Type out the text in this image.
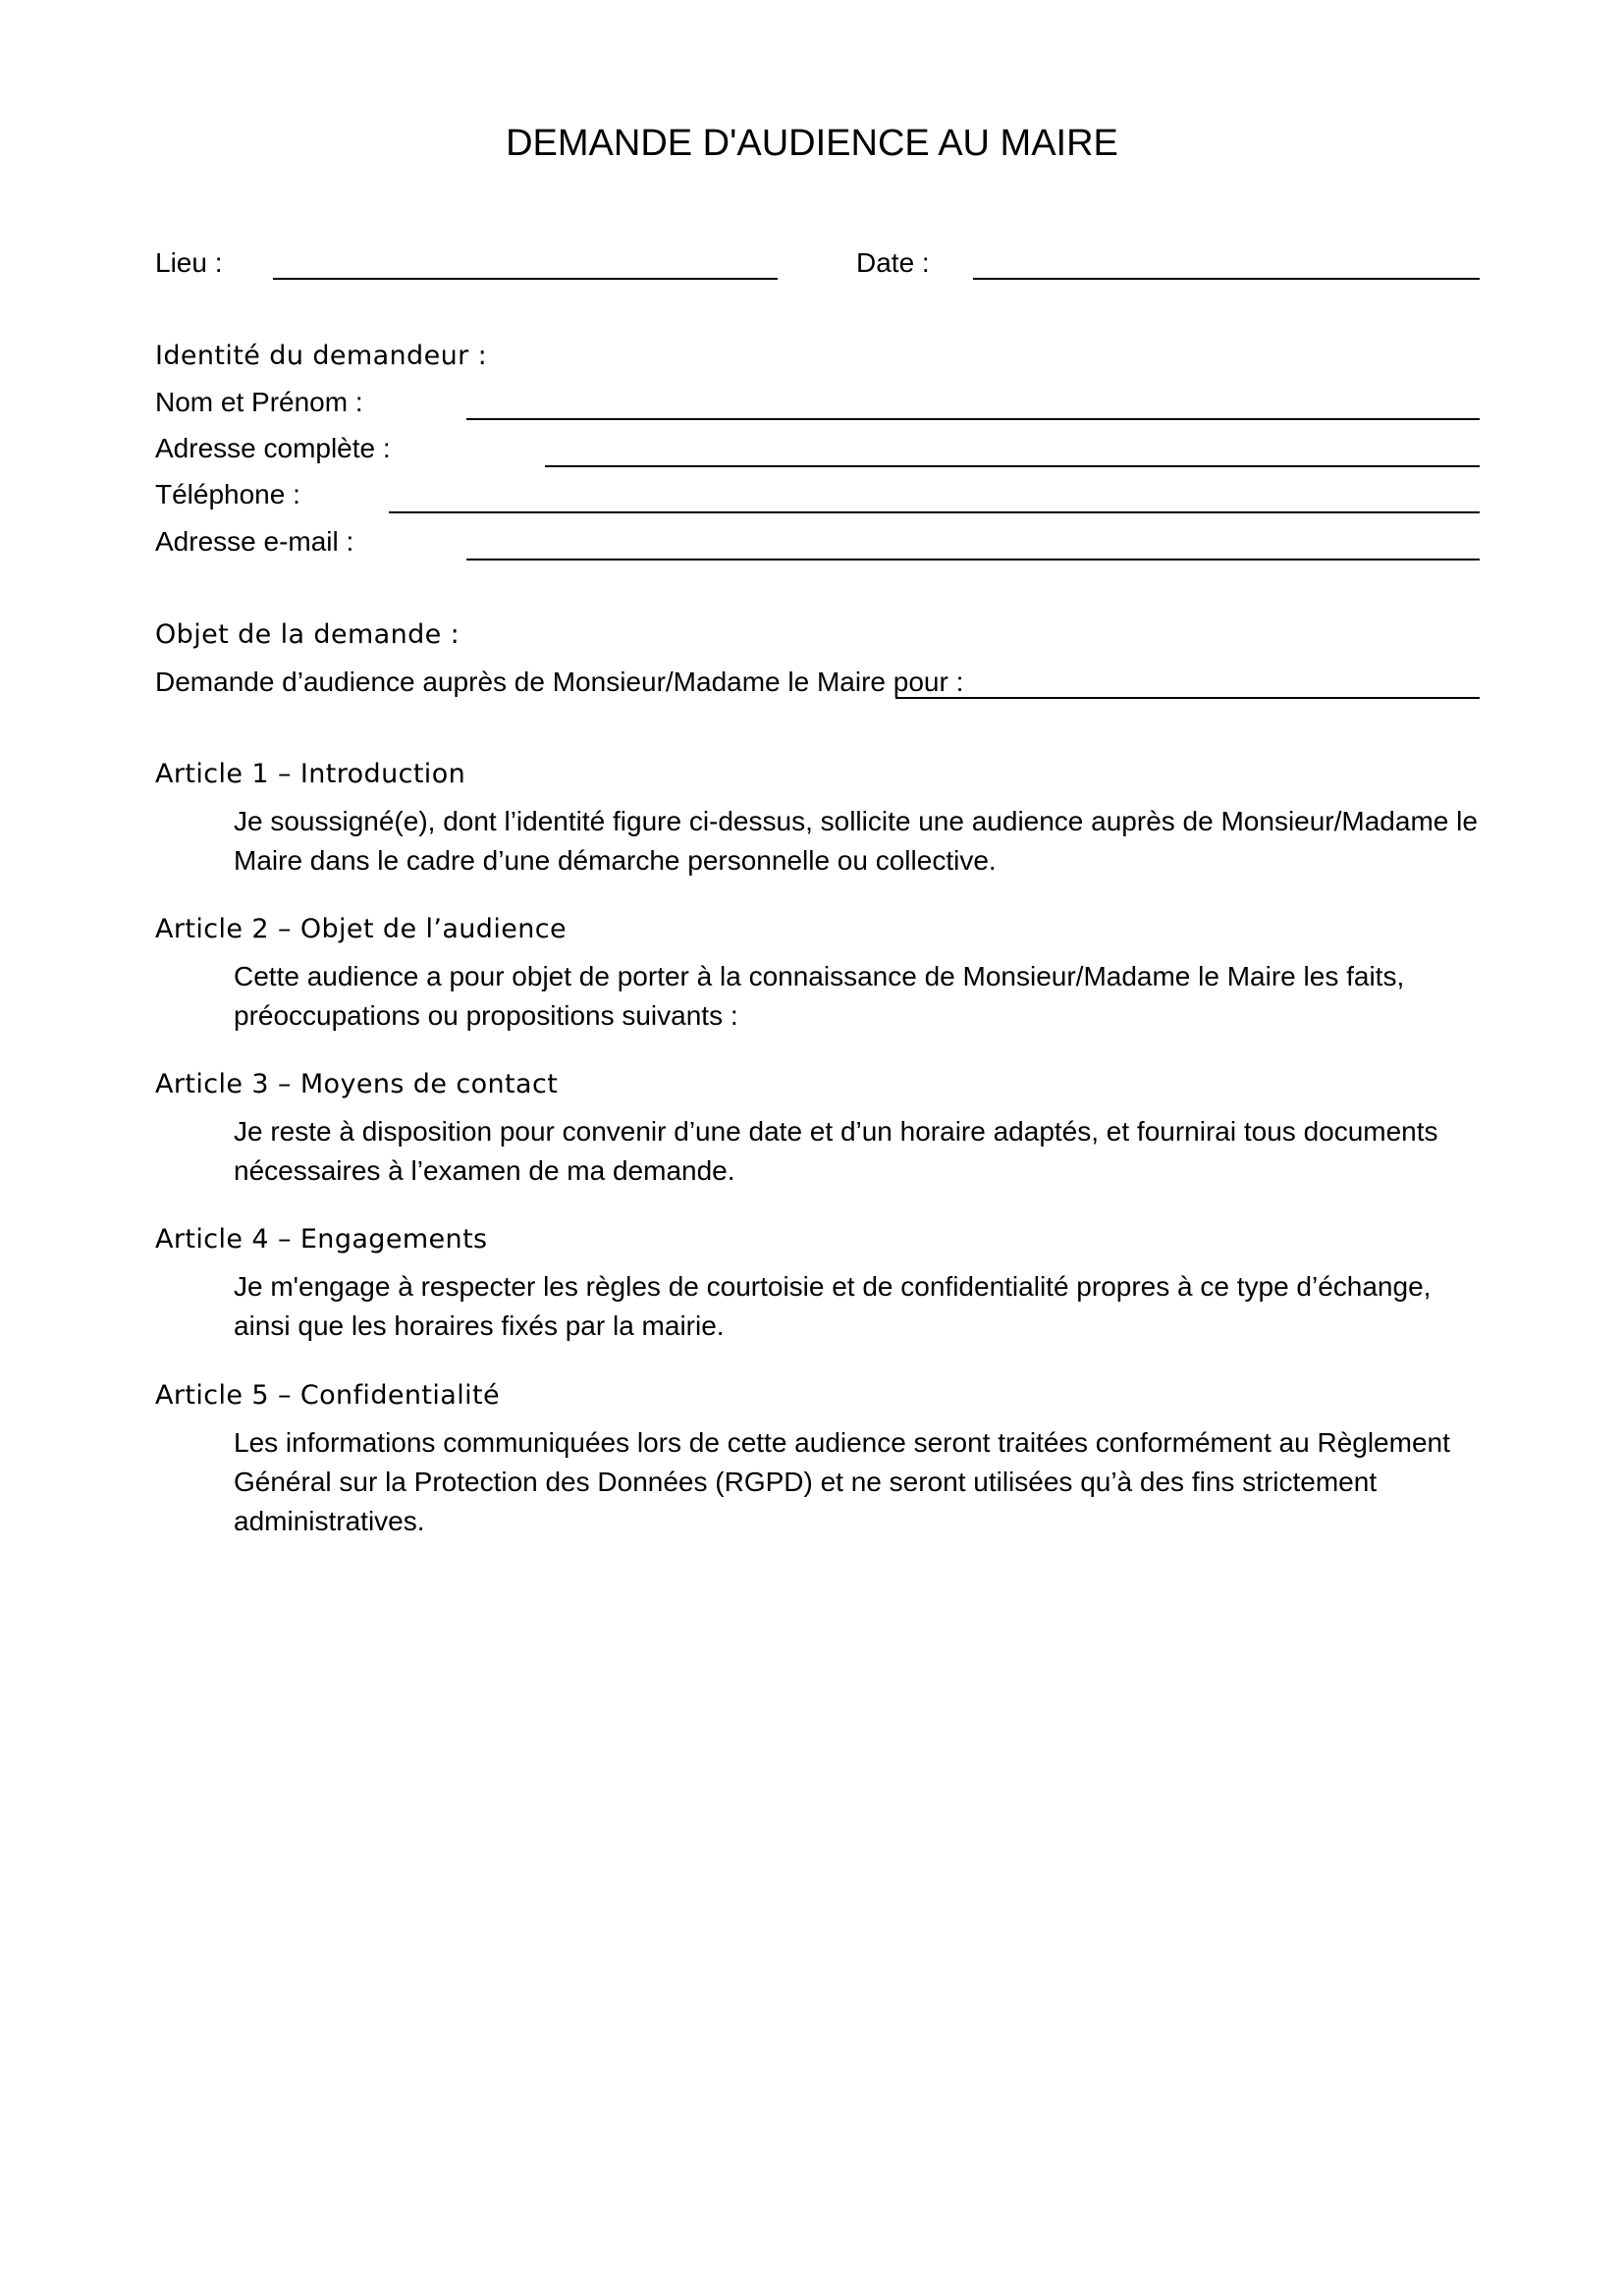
DEMANDE D'AUDIENCE AU MAIRE
Lieu :	Date :
Identité du demandeur :
Nom et Prénom :
Adresse complète :
Téléphone :
Adresse e-mail :
Objet de la demande :
Demande d’audience auprès de Monsieur/Madame le Maire pour :
Article 1 – Introduction

Je soussigné(e), dont l’identité figure ci-dessus, sollicite une audience auprès de Monsieur/Madame le

Maire dans le cadre d’une démarche personnelle ou collective.

Article 2 – Objet de l’audience

Cette audience a pour objet de porter à la connaissance de Monsieur/Madame le Maire les faits,

préoccupations ou propositions suivants :

Article 3 – Moyens de contact

Je reste à disposition pour convenir d’une date et d’un horaire adaptés, et fournirai tous documents

nécessaires à l’examen de ma demande.

Article 4 – Engagements

Je m'engage à respecter les règles de courtoisie et de confidentialité propres à ce type d’échange,

ainsi que les horaires fixés par la mairie.

Article 5 – Confidentialité

Les informations communiquées lors de cette audience seront traitées conformément au Règlement

Général sur la Protection des Données (RGPD) et ne seront utilisées qu’à des fins strictement

administratives.
